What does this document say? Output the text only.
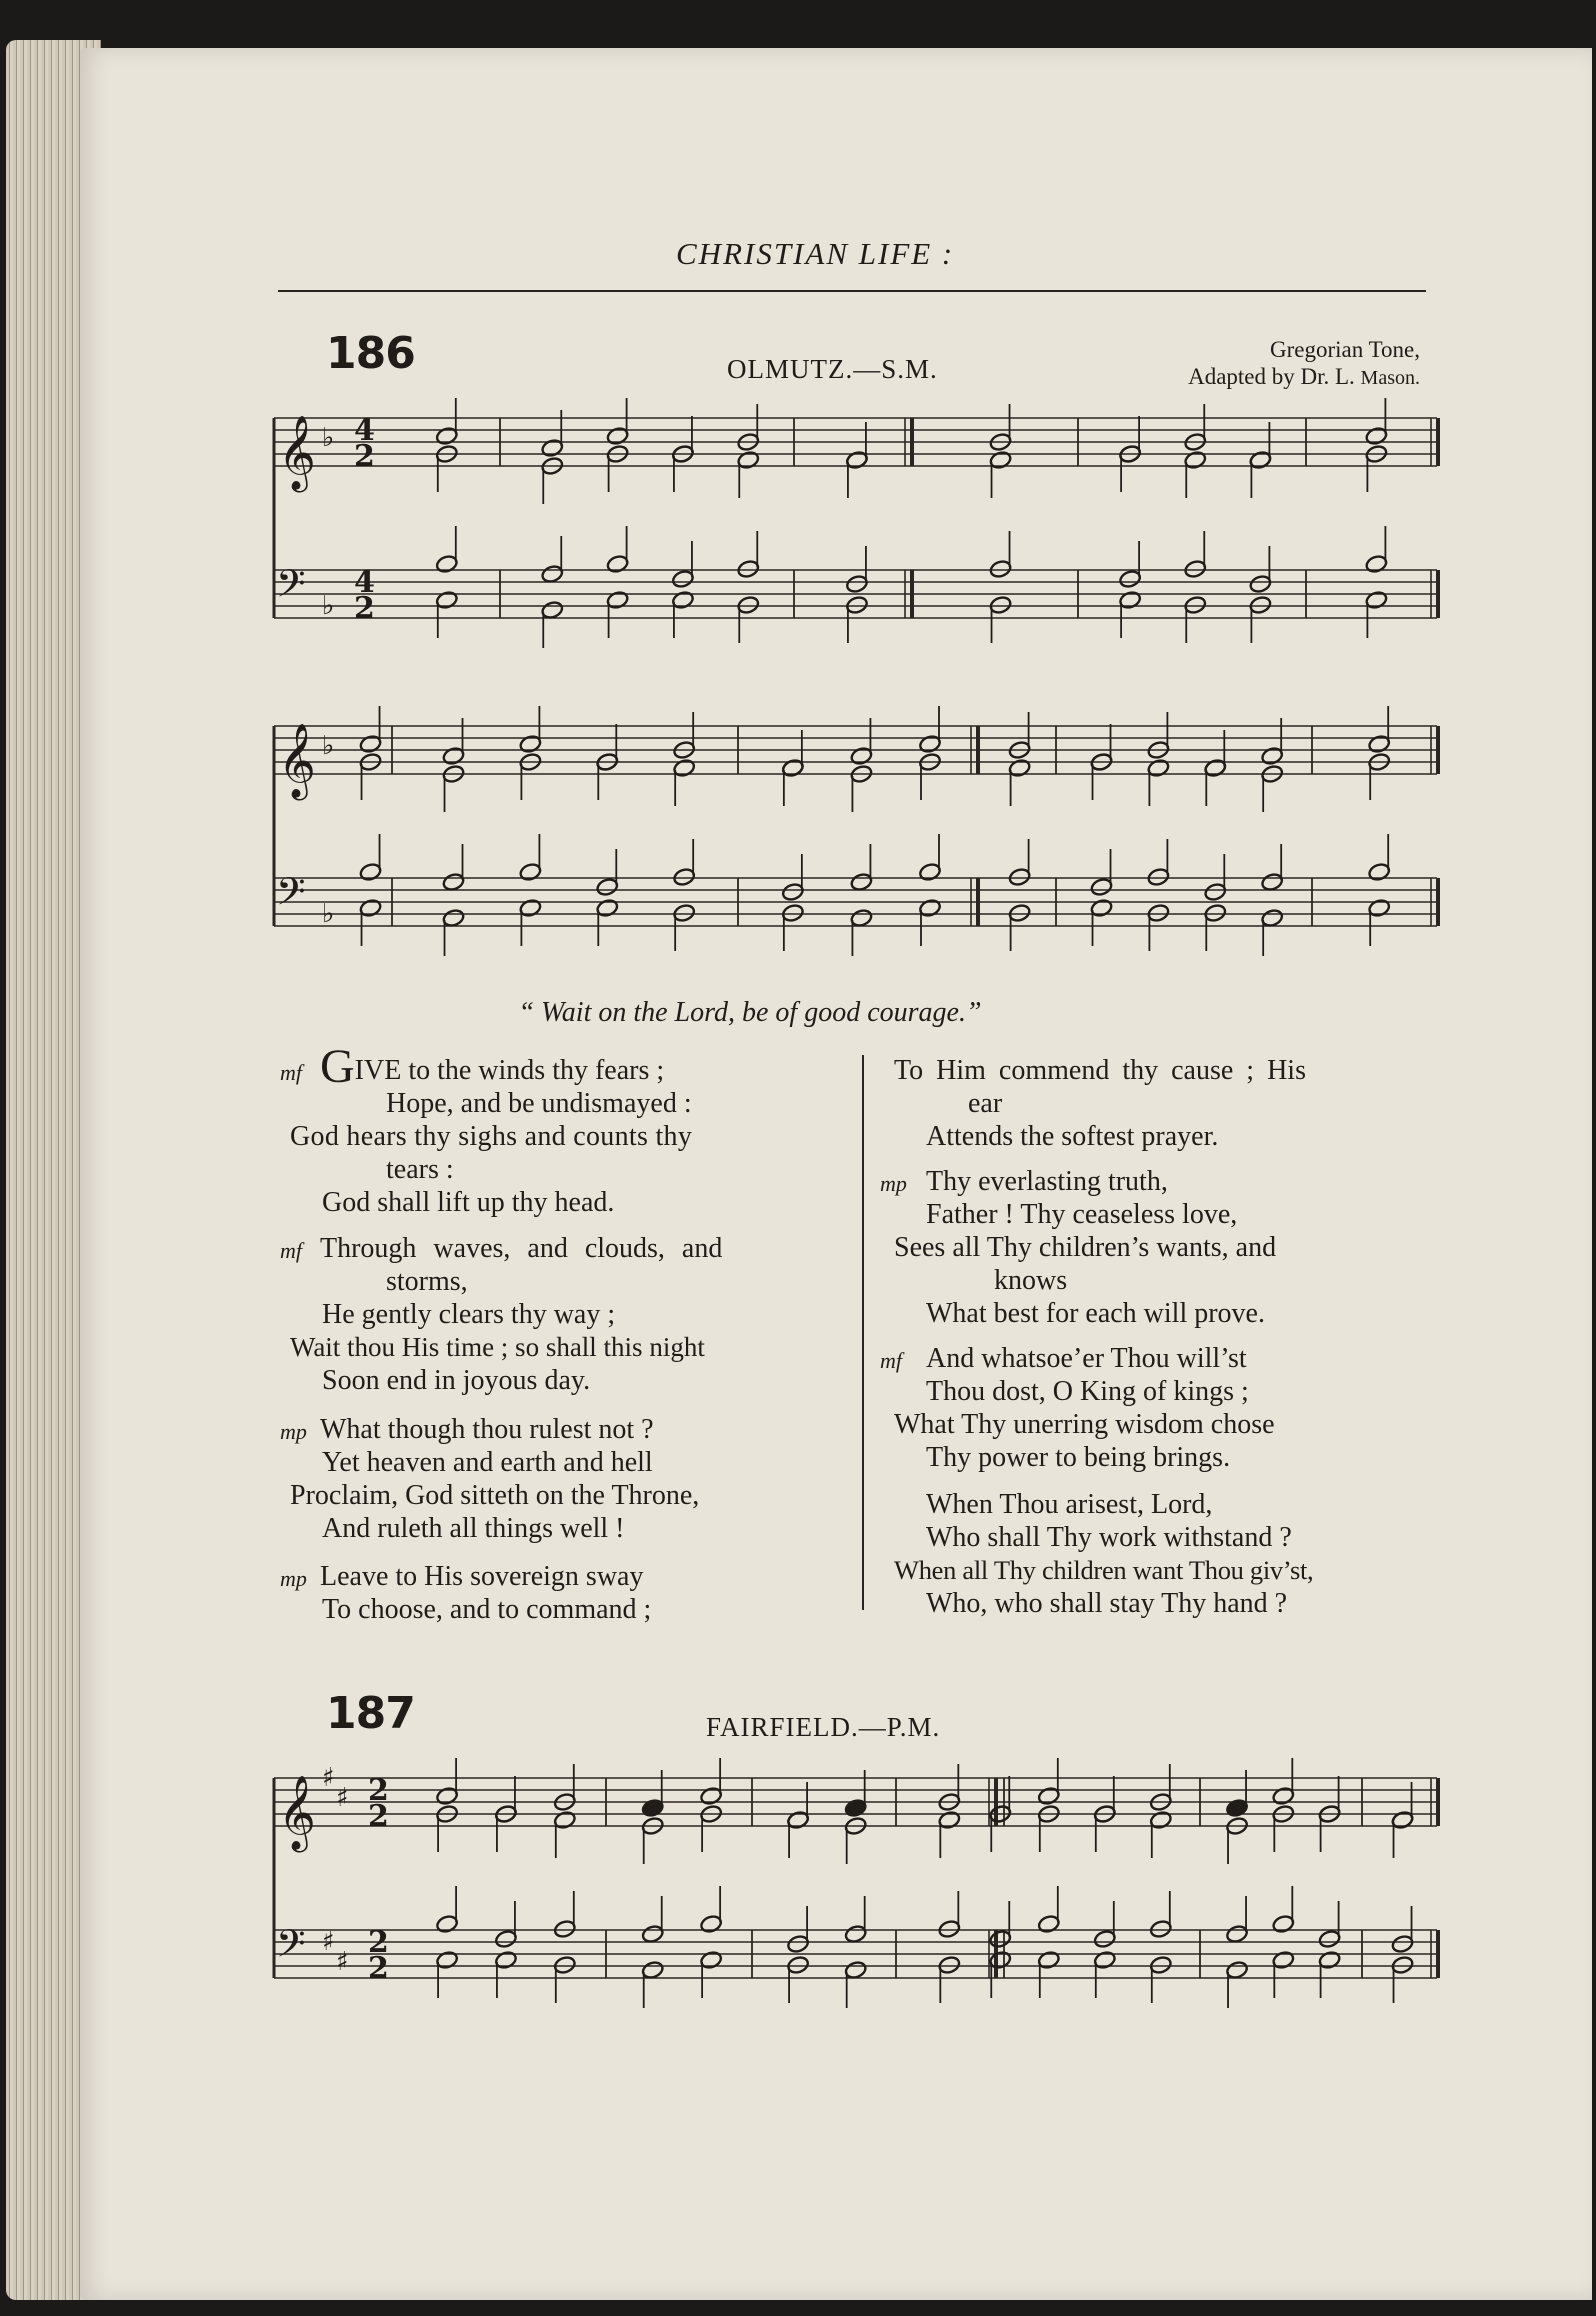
CHRISTIAN LIFE :
186	OLMUTZ.—S.M.
Gregorian Tone,
Adapted by Dr. L. Mason.
𝄞
𝄢
♭
♭
4
2
4
2
𝄞
𝄢
♭
♭
“ Wait on the Lord, be of good courage.”
mf GIVE to the winds thy fears ;
Hope, and be undismayed :
God hears thy sighs and counts thy
tears :
God shall lift up thy head.
mf Through waves, and clouds, and
storms,
He gently clears thy way ;
Wait thou His time ; so shall this night
Soon end in joyous day.
mp What though thou rulest not ?
Yet heaven and earth and hell
Proclaim, God sitteth on the Throne,
And ruleth all things well !
mp Leave to His sovereign sway
To choose, and to command ;
To Him commend thy cause ; His
ear
Attends the softest prayer.
mp Thy everlasting truth,
Father ! Thy ceaseless love,
Sees all Thy children’s wants, and
knows
What best for each will prove.
mf And whatsoe’er Thou will’st
Thou dost, O King of kings ;
What Thy unerring wisdom chose
Thy power to being brings.
When Thou arisest, Lord,
Who shall Thy work withstand ?
When all Thy children want Thou giv’st,
Who, who shall stay Thy hand ?
187	FAIRFIELD.—P.M.
𝄞
𝄢
♯
♯
♯
♯
2
2
2
2
